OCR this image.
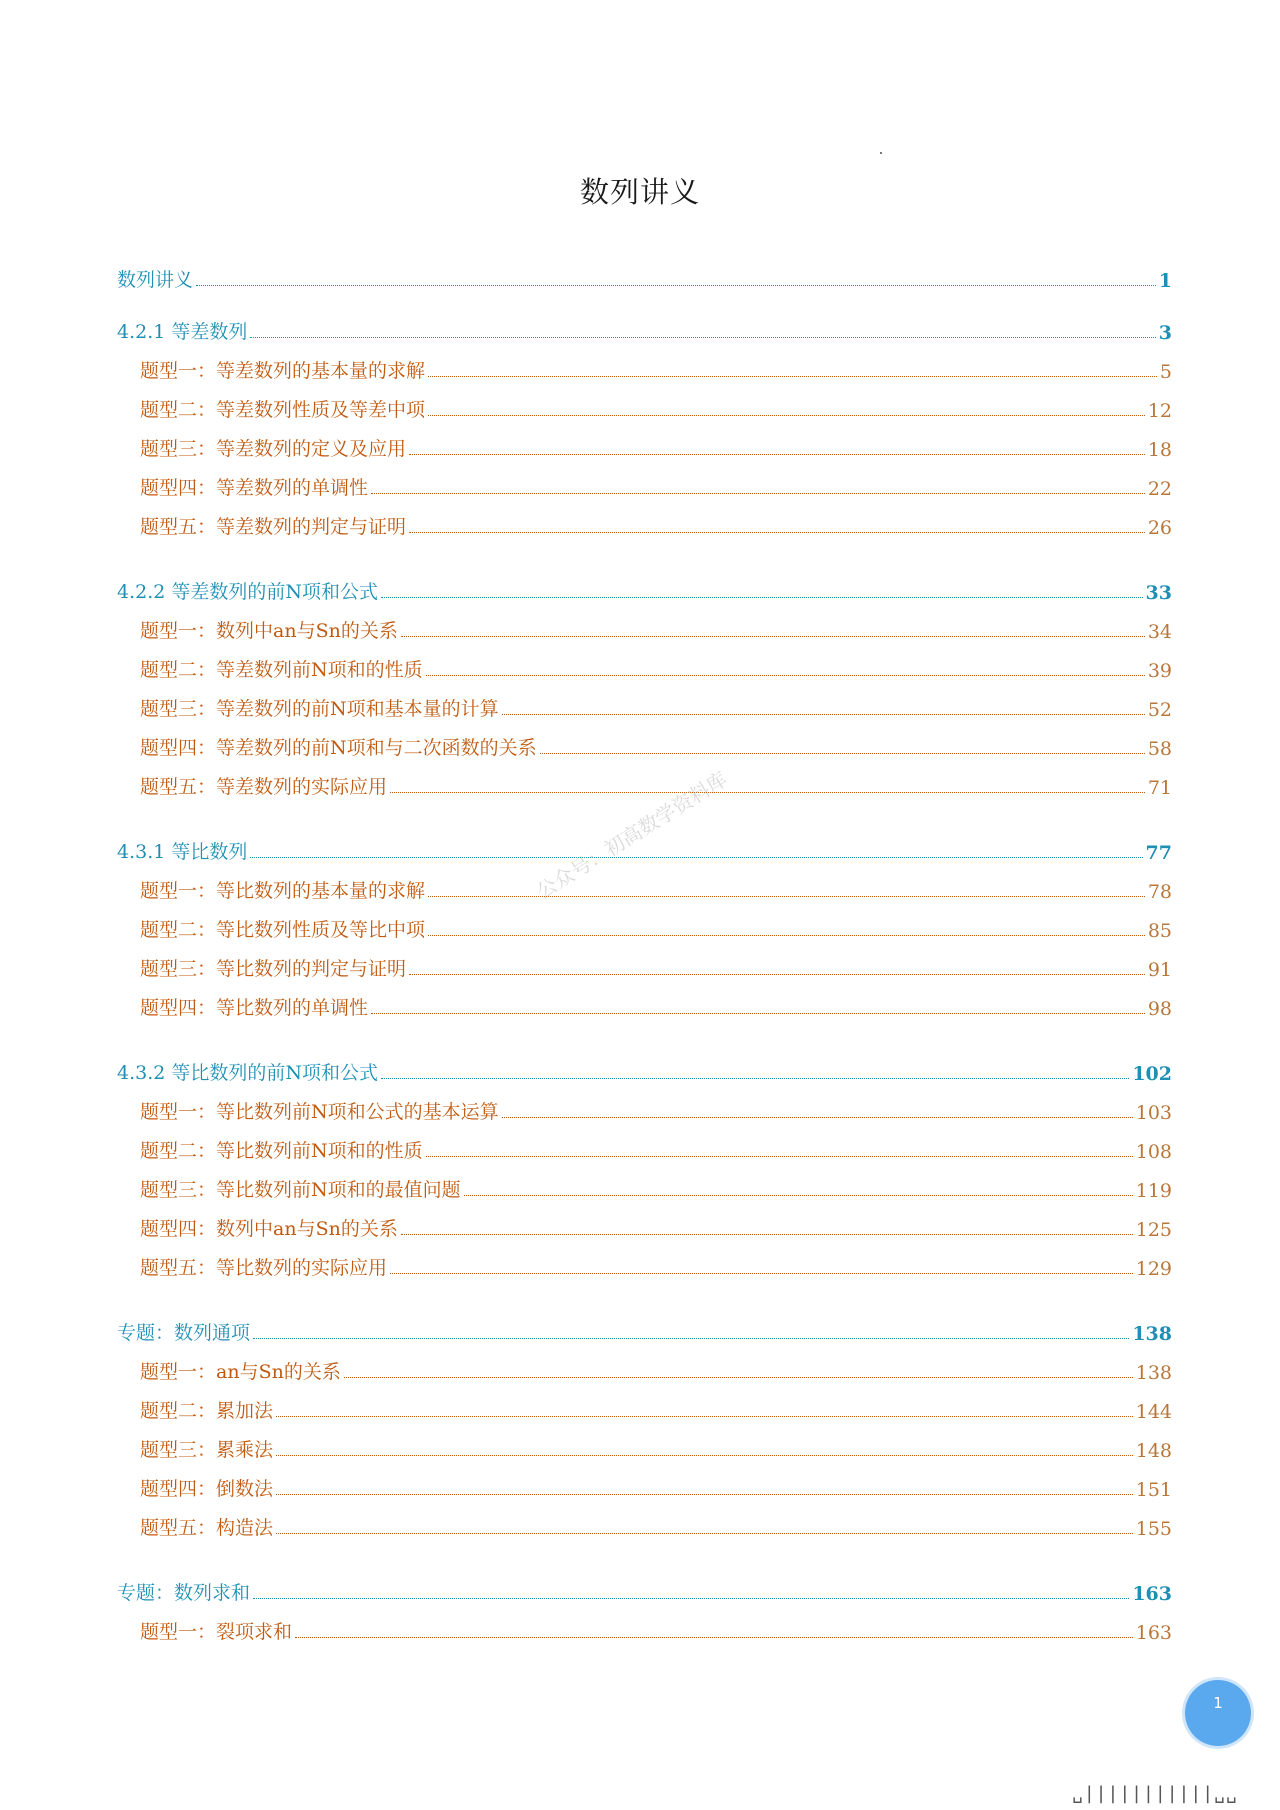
数列讲义
数列讲义	1
4.2.1 等差数列	3
题型一：等差数列的基本量的求解	5
题型二：等差数列性质及等差中项	12
题型三：等差数列的定义及应用	18
题型四：等差数列的单调性	22
题型五：等差数列的判定与证明	26
4.2.2 等差数列的前N项和公式	33
题型一：数列中an与Sn的关系	34
题型二：等差数列前N项和的性质	39
题型三：等差数列的前N项和基本量的计算	52
题型四：等差数列的前N项和与二次函数的关系	58
题型五：等差数列的实际应用	71
4.3.1 等比数列	77
题型一：等比数列的基本量的求解	78
题型二：等比数列性质及等比中项	85
题型三：等比数列的判定与证明	91
题型四：等比数列的单调性	98
4.3.2 等比数列的前N项和公式	102
题型一：等比数列前N项和公式的基本运算	103
题型二：等比数列前N项和的性质	108
题型三：等比数列前N项和的最值问题	119
题型四：数列中an与Sn的关系	125
题型五：等比数列的实际应用	129
专题：数列通项	138
题型一：an与Sn的关系	138
题型二：累加法	144
题型三：累乘法	148
题型四：倒数法	151
题型五：构造法	155
专题：数列求和	163
题型一：裂项求和	163
公众号：初高数学资料库
1
␣|||||||||||␣␣
